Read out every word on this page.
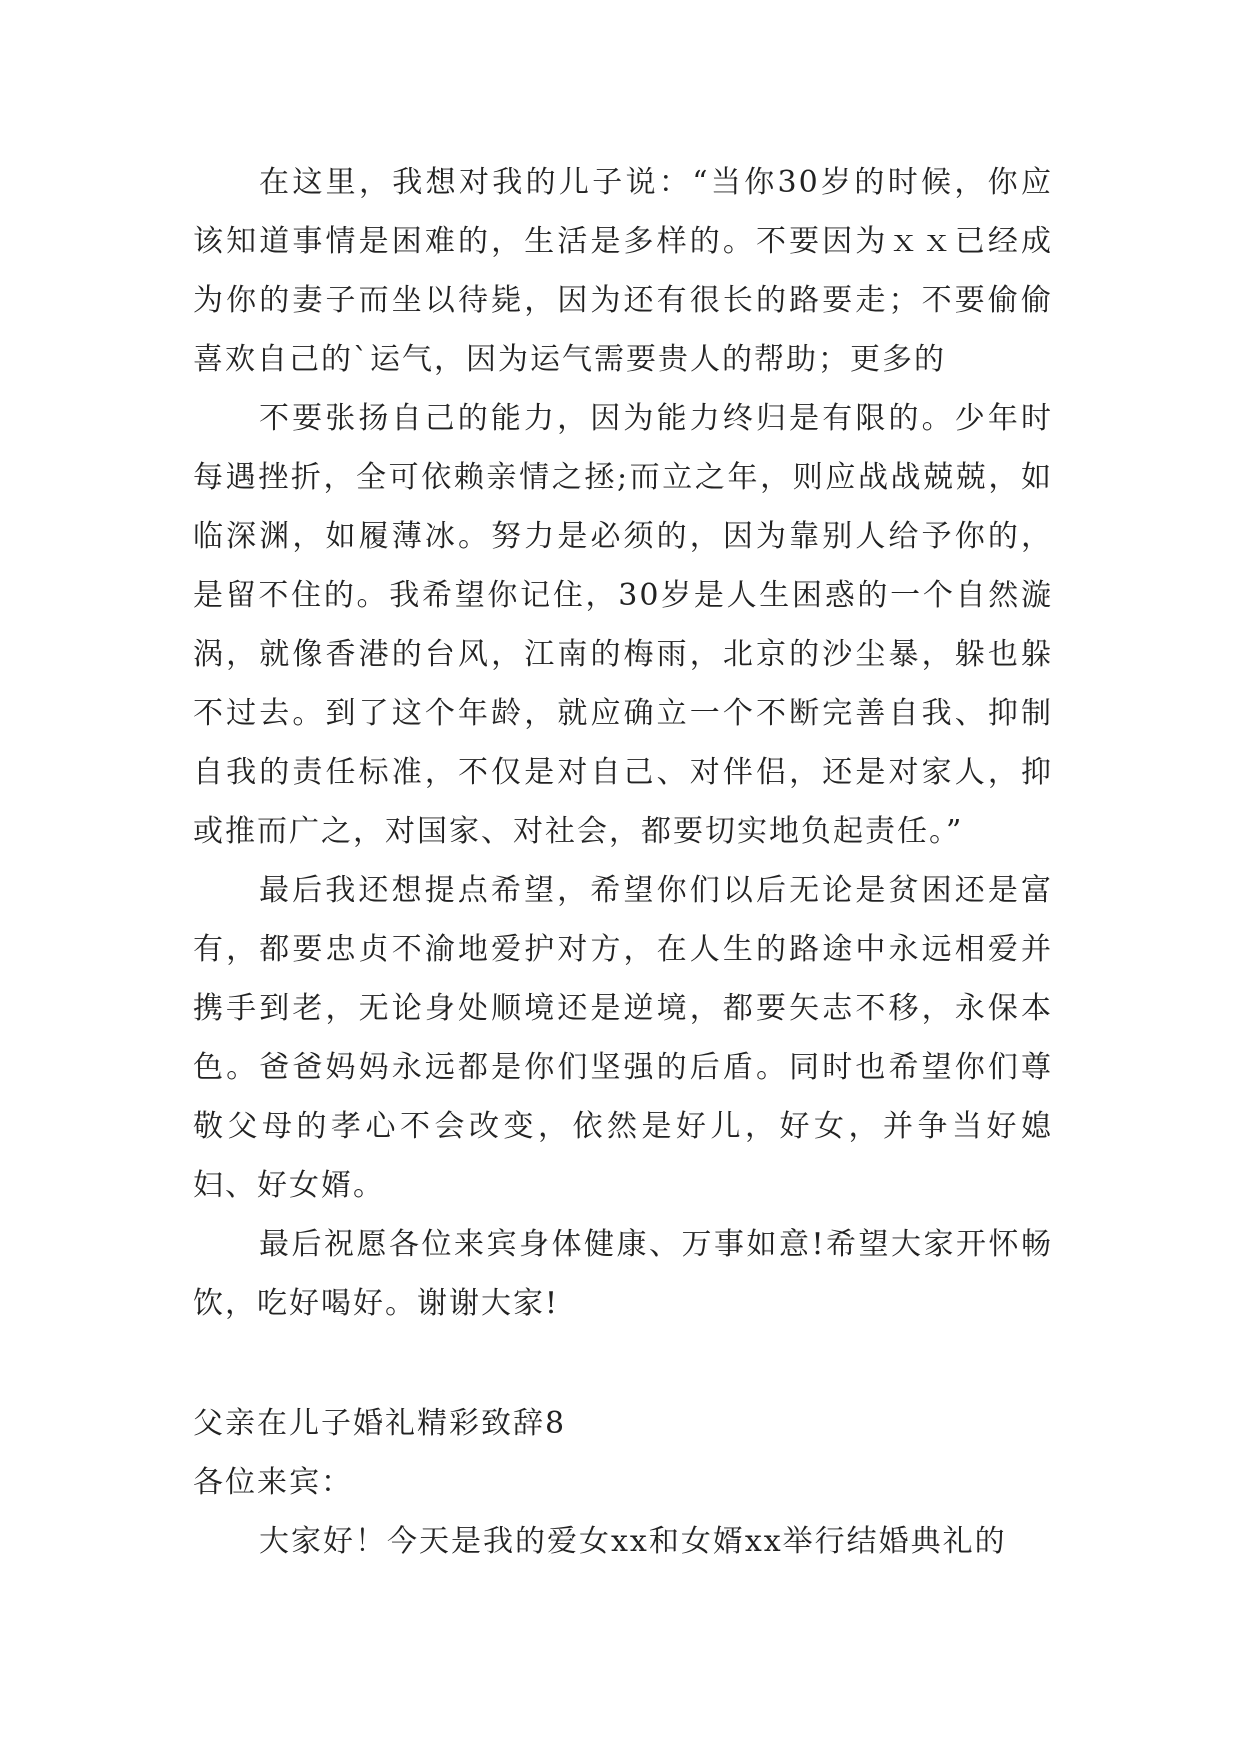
在这里，我想对我的儿子说：“当你30岁的时候，你应该知道事情是困难的，生活是多样的。不要因为ｘｘ已经成为你的妻子而坐以待毙，因为还有很长的路要走；不要偷偷喜欢自己的`运气，因为运气需要贵人的帮助；更多的

不要张扬自己的能力，因为能力终归是有限的。少年时每遇挫折，全可依赖亲情之拯;而立之年，则应战战兢兢，如临深渊，如履薄冰。努力是必须的，因为靠别人给予你的，是留不住的。我希望你记住，30岁是人生困惑的一个自然漩涡，就像香港的台风，江南的梅雨，北京的沙尘暴，躲也躲不过去。到了这个年龄，就应确立一个不断完善自我、抑制自我的责任标准，不仅是对自己、对伴侣，还是对家人，抑或推而广之，对国家、对社会，都要切实地负起责任。”

最后我还想提点希望，希望你们以后无论是贫困还是富有，都要忠贞不渝地爱护对方，在人生的路途中永远相爱并携手到老，无论身处顺境还是逆境，都要矢志不移，永保本色。爸爸妈妈永远都是你们坚强的后盾。同时也希望你们尊敬父母的孝心不会改变，依然是好儿，好女，并争当好媳妇、好女婿。

最后祝愿各位来宾身体健康、万事如意!希望大家开怀畅饮，吃好喝好。谢谢大家!

父亲在儿子婚礼精彩致辞8

各位来宾：

大家好！今天是我的爱女xx和女婿xx举行结婚典礼的
